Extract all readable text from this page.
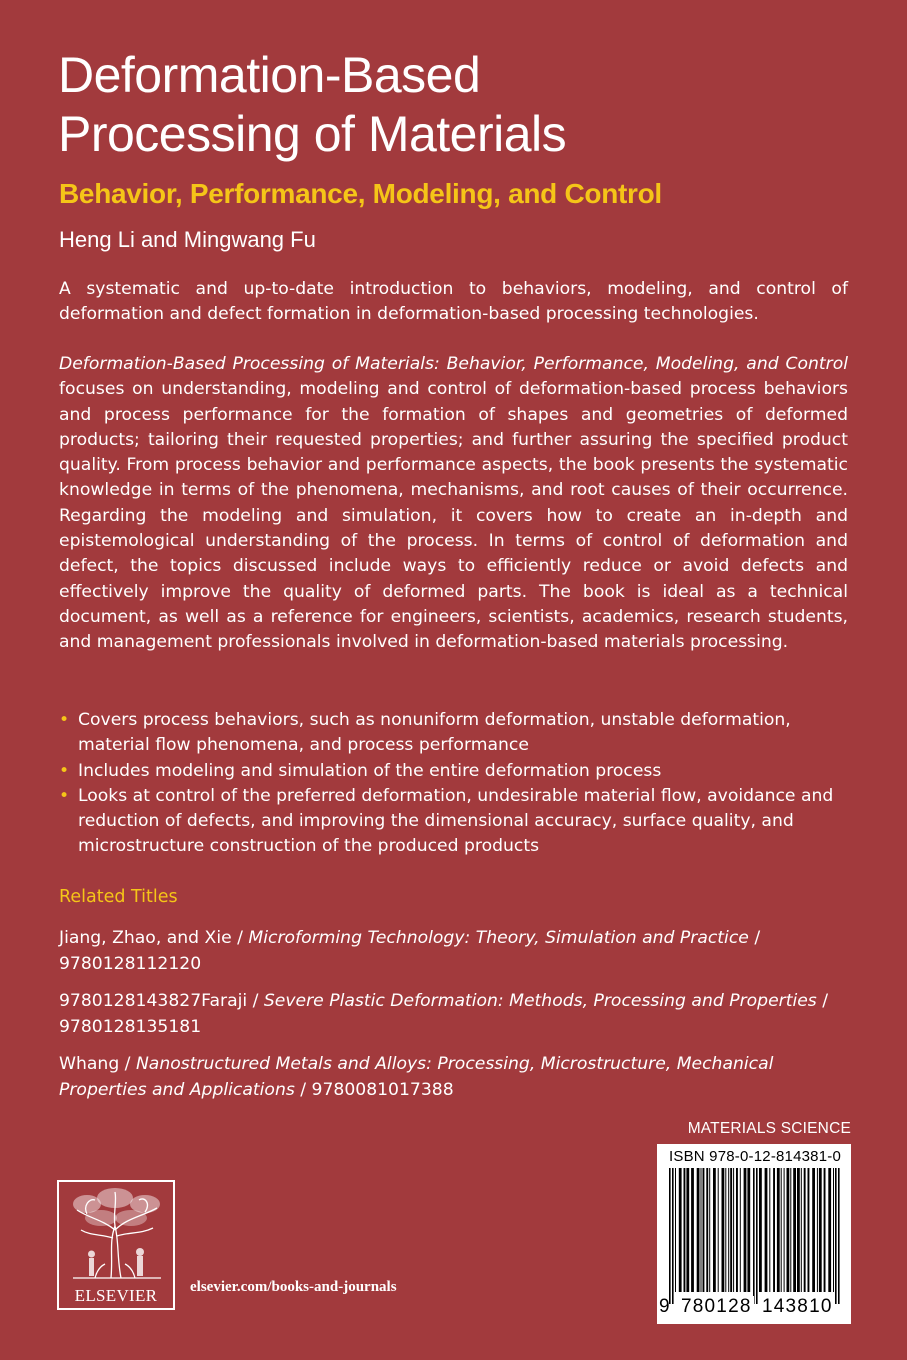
Deformation-Based
Processing of Materials
Behavior, Performance, Modeling, and Control

Heng Li and Mingwang Fu

A systematic and up-to-date introduction to behaviors, modeling, and control of deformation and defect formation in deformation-based processing technologies.

Deformation-Based Processing of Materials: Behavior, Performance, Modeling, and Control focuses on understanding, modeling and control of deformation-based process behaviors and process performance for the formation of shapes and geometries of deformed products; tailoring their requested properties; and further assuring the specified product quality. From process behavior and performance aspects, the book presents the systematic knowledge in terms of the phenomena, mechanisms, and root causes of their occurrence. Regarding the modeling and simulation, it covers how to create an in-depth and epistemological understanding of the process. In terms of control of deformation and defect, the topics discussed include ways to efficiently reduce or avoid defects and effectively improve the quality of deformed parts. The book is ideal as a technical document, as well as a reference for engineers, scientists, academics, research students, and management professionals involved in deformation-based materials processing.

• Covers process behaviors, such as nonuniform deformation, unstable deformation, material flow phenomena, and process performance
• Includes modeling and simulation of the entire deformation process
• Looks at control of the preferred deformation, undesirable material flow, avoidance and reduction of defects, and improving the dimensional accuracy, surface quality, and microstructure construction of the produced products
Related Titles

Jiang, Zhao, and Xie / Microforming Technology: Theory, Simulation and Practice / 9780128112120

9780128143827Faraji / Severe Plastic Deformation: Methods, Processing and Properties / 9780128135181

Whang / Nanostructured Metals and Alloys: Processing, Microstructure, Mechanical Properties and Applications / 9780081017388

MATERIALS SCIENCE
ISBN 978-0-12-814381-0
9 780128 143810
ELSEVIER	elsevier.com/books-and-journals
